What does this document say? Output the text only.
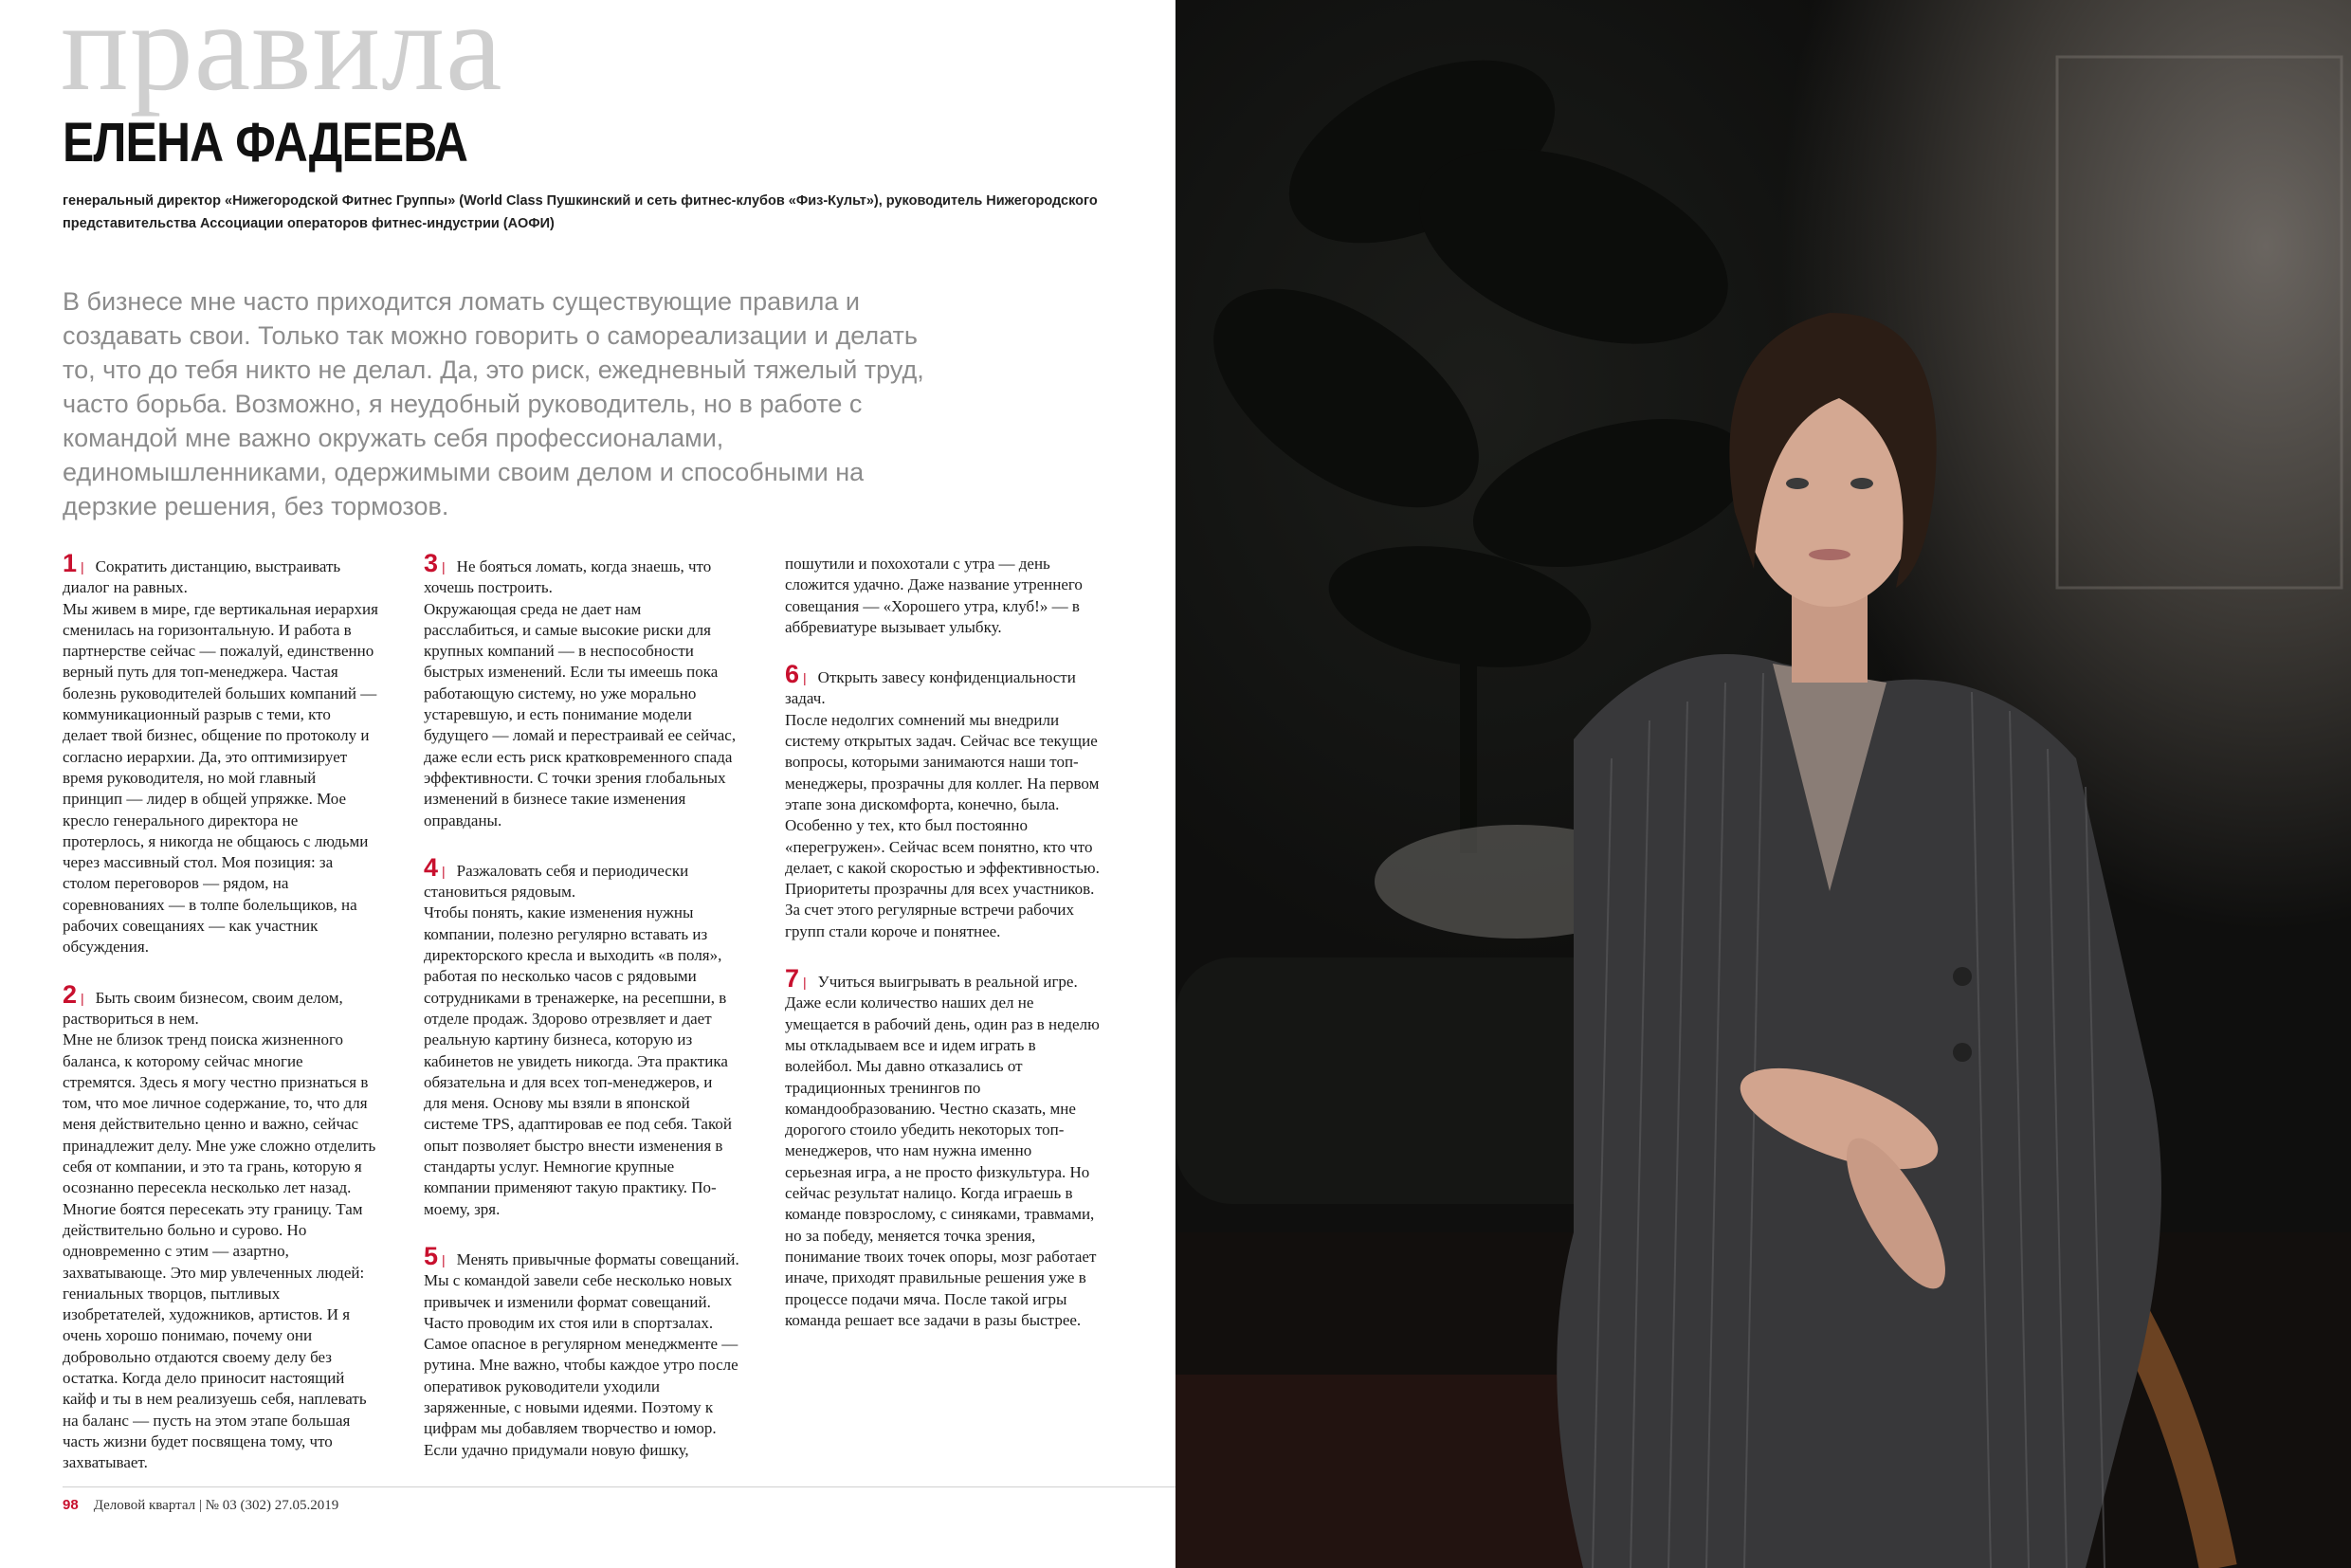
правила
ЕЛЕНА ФАДЕЕВА

генеральный директор «Нижегородской Фитнес Группы» (World Class Пушкинский и сеть фитнес-клубов «Физ-Культ»), руководитель Нижегородского представительства Ассоциации операторов фитнес-индустрии (АОФИ)

В бизнесе мне часто приходится ломать существующие правила и создавать свои. Только так можно говорить о самореализации и делать то, что до тебя никто не делал. Да, это риск, ежедневный тяжелый труд, часто борьба. Возможно, я неудобный руководитель, но в работе с командой мне важно окружать себя профессионалами, единомышленниками, одержимыми своим делом и способными на дерзкие решения, без тормозов.

1 | Сократить дистанцию, выстраивать диалог на равных.

Мы живем в мире, где вертикальная иерархия сменилась на горизонтальную. И работа в партнерстве сейчас — пожалуй, единственно верный путь для топ-менеджера. Частая болезнь руководителей больших компаний — коммуникационный разрыв с теми, кто делает твой бизнес, общение по протоколу и согласно иерархии. Да, это оптимизирует время руководителя, но мой главный принцип — лидер в общей упряжке. Мое кресло генерального директора не протерлось, я никогда не общаюсь с людьми через массивный стол. Моя позиция: за столом переговоров — рядом, на соревнованиях — в толпе болельщиков, на рабочих совещаниях — как участник обсуждения.

2 | Быть своим бизнесом, своим делом, раствориться в нем.

Мне не близок тренд поиска жизненного баланса, к которому сейчас многие стремятся. Здесь я могу честно признаться в том, что мое личное содержание, то, что для меня действительно ценно и важно, сейчас принадлежит делу. Мне уже сложно отделить себя от компании, и это та грань, которую я осознанно пересекла несколько лет назад. Многие боятся пересекать эту границу. Там действительно больно и сурово. Но одновременно с этим — азартно, захватывающе. Это мир увлеченных людей: гениальных творцов, пытливых изобретателей, художников, артистов. И я очень хорошо понимаю, почему они добровольно отдаются своему делу без остатка. Когда дело приносит настоящий кайф и ты в нем реализуешь себя, наплевать на баланс — пусть на этом этапе большая часть жизни будет посвящена тому, что захватывает.

3 | Не бояться ломать, когда знаешь, что хочешь построить.

Окружающая среда не дает нам расслабиться, и самые высокие риски для крупных компаний — в неспособности быстрых изменений. Если ты имеешь пока работающую систему, но уже морально устаревшую, и есть понимание модели будущего — ломай и перестраивай ее сейчас, даже если есть риск кратковременного спада эффективности. С точки зрения глобальных изменений в бизнесе такие изменения оправданы.

4 | Разжаловать себя и периодически становиться рядовым.

Чтобы понять, какие изменения нужны компании, полезно регулярно вставать из директорского кресла и выходить «в поля», работая по несколько часов с рядовыми сотрудниками в тренажерке, на ресепшни, в отделе продаж. Здорово отрезвляет и дает реальную картину бизнеса, которую из кабинетов не увидеть никогда. Эта практика обязательна и для всех топ-менеджеров, и для меня. Основу мы взяли в японской системе TPS, адаптировав ее под себя. Такой опыт позволяет быстро внести изменения в стандарты услуг. Немногие крупные компании применяют такую практику. По-моему, зря.

5 | Менять привычные форматы совещаний.

Мы с командой завели себе несколько новых привычек и изменили формат совещаний. Часто проводим их стоя или в спортзалах. Самое опасное в регулярном менеджменте — рутина. Мне важно, чтобы каждое утро после оперативок руководители уходили заряженные, с новыми идеями. Поэтому к цифрам мы добавляем творчество и юмор. Если удачно придумали новую фишку, пошутили и похохотали с утра — день сложится удачно. Даже название утреннего совещания — «Хорошего утра, клуб!» — в аббревиатуре вызывает улыбку.

6 | Открыть завесу конфиденциальности задач.

После недолгих сомнений мы внедрили систему открытых задач. Сейчас все текущие вопросы, которыми занимаются наши топ-менеджеры, прозрачны для коллег. На первом этапе зона дискомфорта, конечно, была. Особенно у тех, кто был постоянно «перегружен». Сейчас всем понятно, кто что делает, с какой скоростью и эффективностью. Приоритеты прозрачны для всех участников. За счет этого регулярные встречи рабочих групп стали короче и понятнее.

7 | Учиться выигрывать в реальной игре.

Даже если количество наших дел не умещается в рабочий день, один раз в неделю мы откладываем все и идем играть в волейбол. Мы давно отказались от традиционных тренингов по командообразованию. Честно сказать, мне дорогого стоило убедить некоторых топ-менеджеров, что нам нужна именно серьезная игра, а не просто физкультура. Но сейчас результат налицо. Когда играешь в команде повзрослому, с синяками, травмами, но за победу, меняется точка зрения, понимание твоих точек опоры, мозг работает иначе, приходят правильные решения уже в процессе подачи мяча. После такой игры команда решает все задачи в разы быстрее.

98 Деловой квартал | № 03 (302) 27.05.2019
